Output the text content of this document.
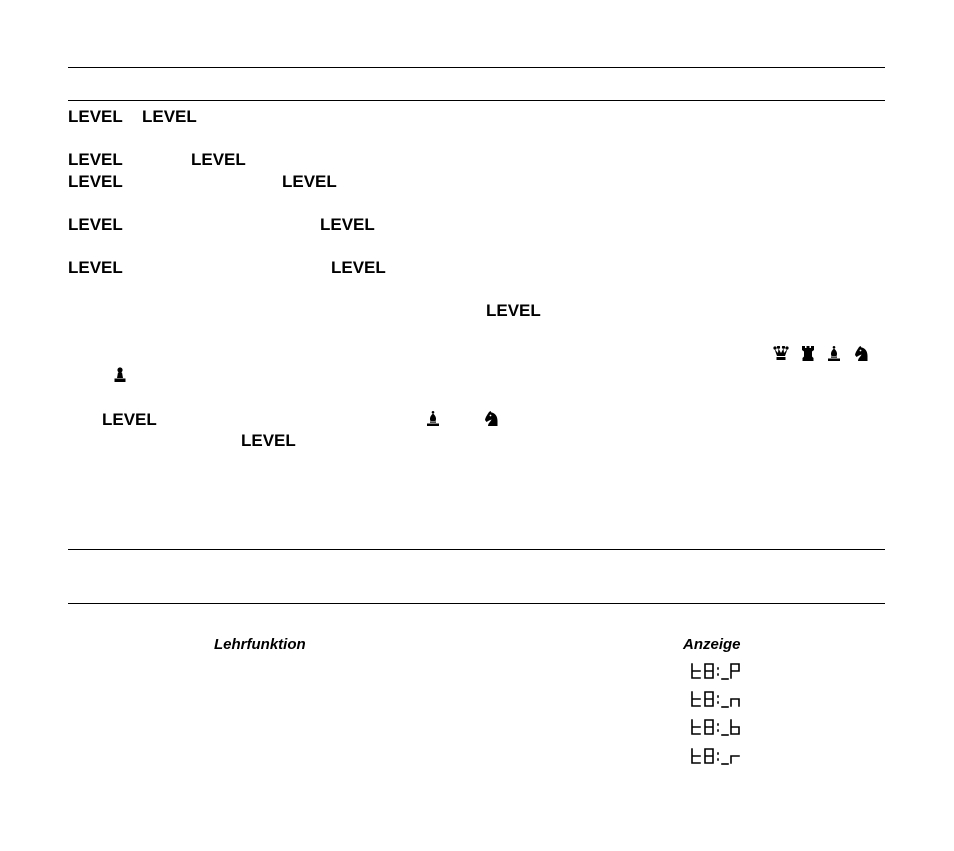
LEVEL LEVEL
LEVEL	LEVEL
LEVEL	LEVEL
LEVEL	LEVEL
LEVEL	LEVEL
LEVEL
LEVEL
LEVEL
Lehrfunktion	Anzeige
